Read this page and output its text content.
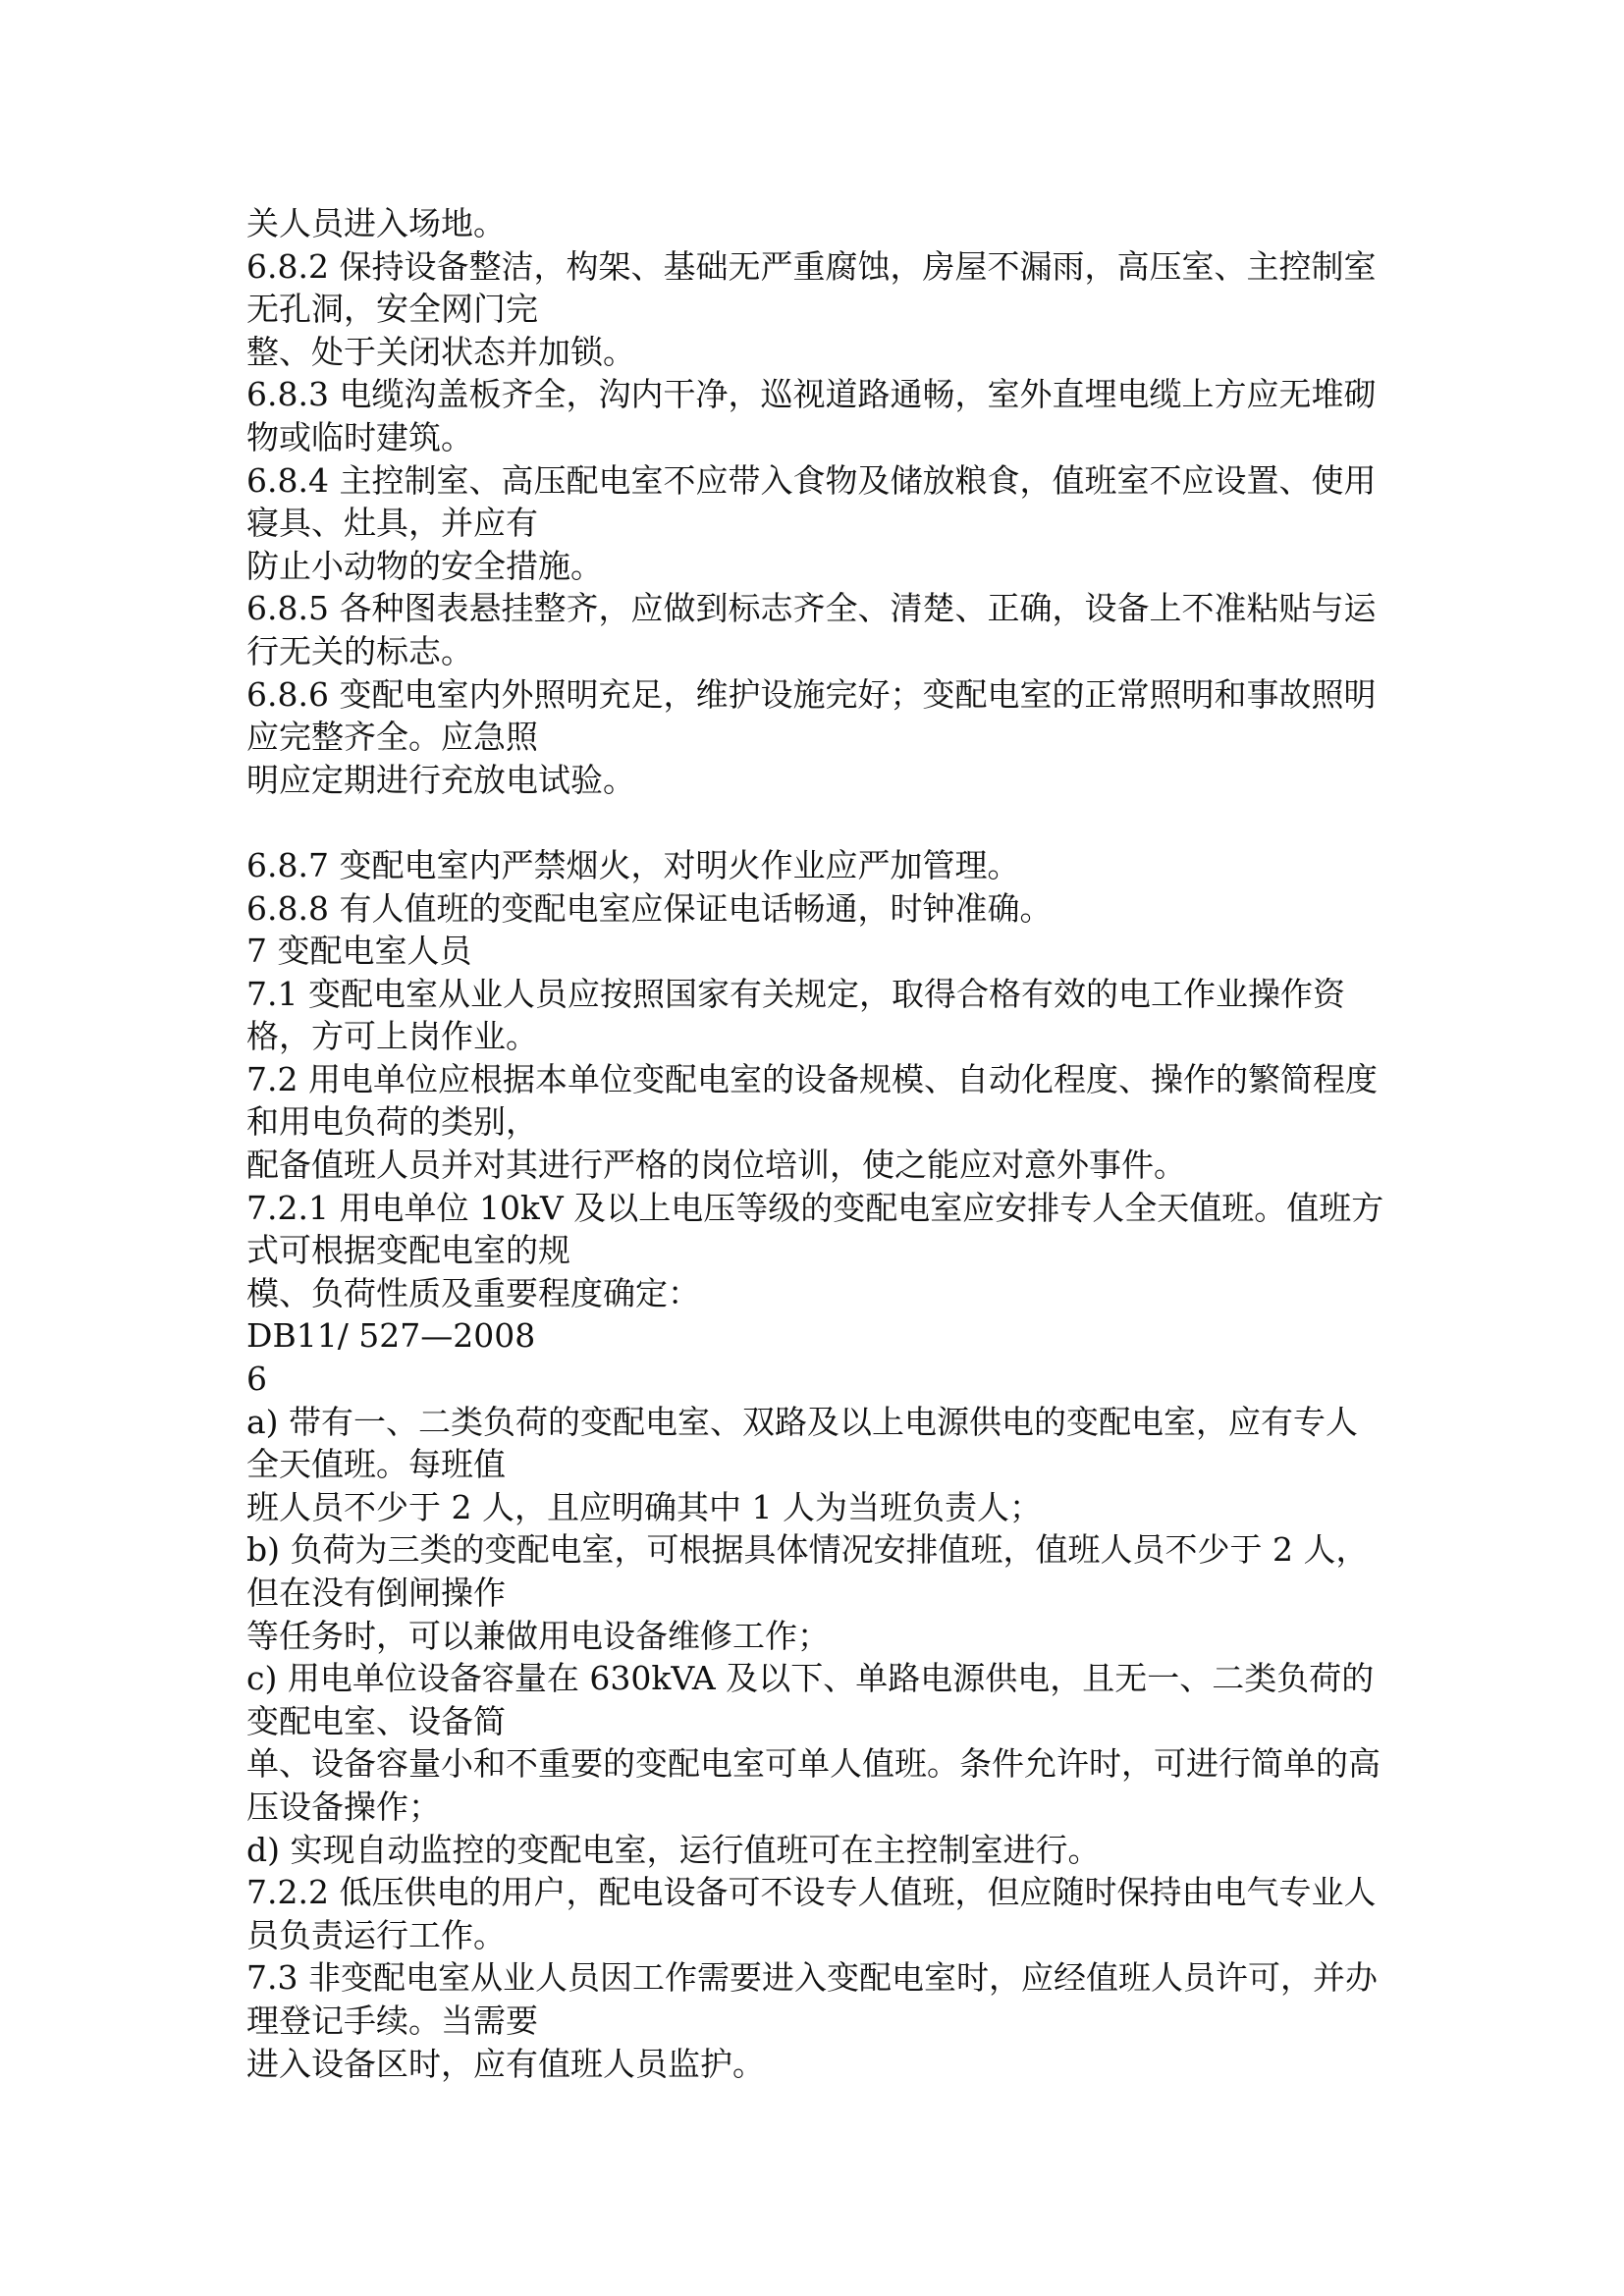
关人员进入场地。
6.8.2 保持设备整洁，构架、基础无严重腐蚀，房屋不漏雨，高压室、主控制室
无孔洞，安全网门完
整、处于关闭状态并加锁。
6.8.3 电缆沟盖板齐全，沟内干净，巡视道路通畅，室外直埋电缆上方应无堆砌
物或临时建筑。
6.8.4 主控制室、高压配电室不应带入食物及储放粮食，值班室不应设置、使用
寝具、灶具，并应有
防止小动物的安全措施。
6.8.5 各种图表悬挂整齐，应做到标志齐全、清楚、正确，设备上不准粘贴与运
行无关的标志。
6.8.6 变配电室内外照明充足，维护设施完好；变配电室的正常照明和事故照明
应完整齐全。应急照
明应定期进行充放电试验。
6.8.7 变配电室内严禁烟火，对明火作业应严加管理。
6.8.8 有人值班的变配电室应保证电话畅通，时钟准确。
7 变配电室人员
7.1 变配电室从业人员应按照国家有关规定，取得合格有效的电工作业操作资
格，方可上岗作业。
7.2 用电单位应根据本单位变配电室的设备规模、自动化程度、操作的繁简程度
和用电负荷的类别，
配备值班人员并对其进行严格的岗位培训，使之能应对意外事件。
7.2.1 用电单位 10kV 及以上电压等级的变配电室应安排专人全天值班。值班方
式可根据变配电室的规
模、负荷性质及重要程度确定：
DB11/ 527—2008
6
a) 带有一、二类负荷的变配电室、双路及以上电源供电的变配电室，应有专人
全天值班。每班值
班人员不少于 2 人，且应明确其中 1 人为当班负责人；
b) 负荷为三类的变配电室，可根据具体情况安排值班，值班人员不少于 2 人，
但在没有倒闸操作
等任务时，可以兼做用电设备维修工作；
c) 用电单位设备容量在 630kVA 及以下、单路电源供电，且无一、二类负荷的
变配电室、设备简
单、设备容量小和不重要的变配电室可单人值班。条件允许时，可进行简单的高
压设备操作；
d) 实现自动监控的变配电室，运行值班可在主控制室进行。
7.2.2 低压供电的用户，配电设备可不设专人值班，但应随时保持由电气专业人
员负责运行工作。
7.3 非变配电室从业人员因工作需要进入变配电室时，应经值班人员许可，并办
理登记手续。当需要
进入设备区时，应有值班人员监护。
